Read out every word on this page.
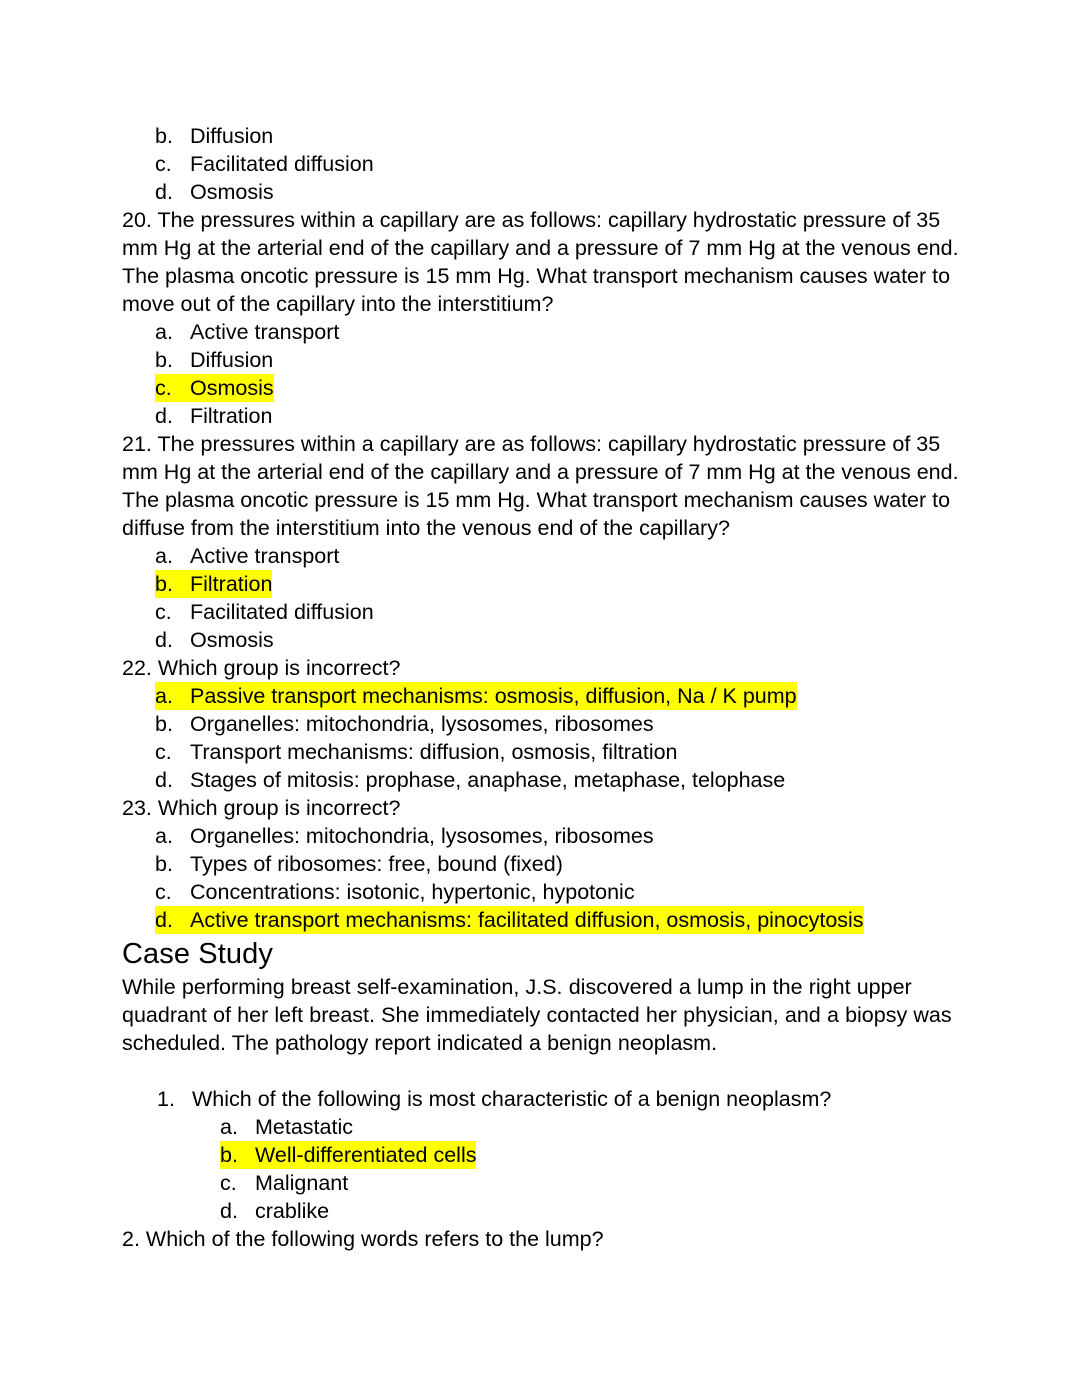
b. Diffusion
c. Facilitated diffusion
d. Osmosis

20. The pressures within a capillary are as follows: capillary hydrostatic pressure of 35 mm Hg at the arterial end of the capillary and a pressure of 7 mm Hg at the venous end. The plasma oncotic pressure is 15 mm Hg. What transport mechanism causes water to move out of the capillary into the interstitium?

a. Active transport
b. Diffusion
c. Osmosis
d. Filtration

21. The pressures within a capillary are as follows: capillary hydrostatic pressure of 35 mm Hg at the arterial end of the capillary and a pressure of 7 mm Hg at the venous end. The plasma oncotic pressure is 15 mm Hg. What transport mechanism causes water to diffuse from the interstitium into the venous end of the capillary?

a. Active transport
b. Filtration
c. Facilitated diffusion
d. Osmosis

22. Which group is incorrect?

a. Passive transport mechanisms: osmosis, diffusion, Na / K pump
b. Organelles: mitochondria, lysosomes, ribosomes
c. Transport mechanisms: diffusion, osmosis, filtration
d. Stages of mitosis: prophase, anaphase, metaphase, telophase

23. Which group is incorrect?

a. Organelles: mitochondria, lysosomes, ribosomes
b. Types of ribosomes: free, bound (fixed)
c. Concentrations: isotonic, hypertonic, hypotonic
d. Active transport mechanisms: facilitated diffusion, osmosis, pinocytosis
Case Study

While performing breast self-examination, J.S. discovered a lump in the right upper quadrant of her left breast. She immediately contacted her physician, and a biopsy was scheduled. The pathology report indicated a benign neoplasm.

1. Which of the following is most characteristic of a benign neoplasm?
a. Metastatic
b. Well-differentiated cells
c. Malignant
d. crablike

2. Which of the following words refers to the lump?
